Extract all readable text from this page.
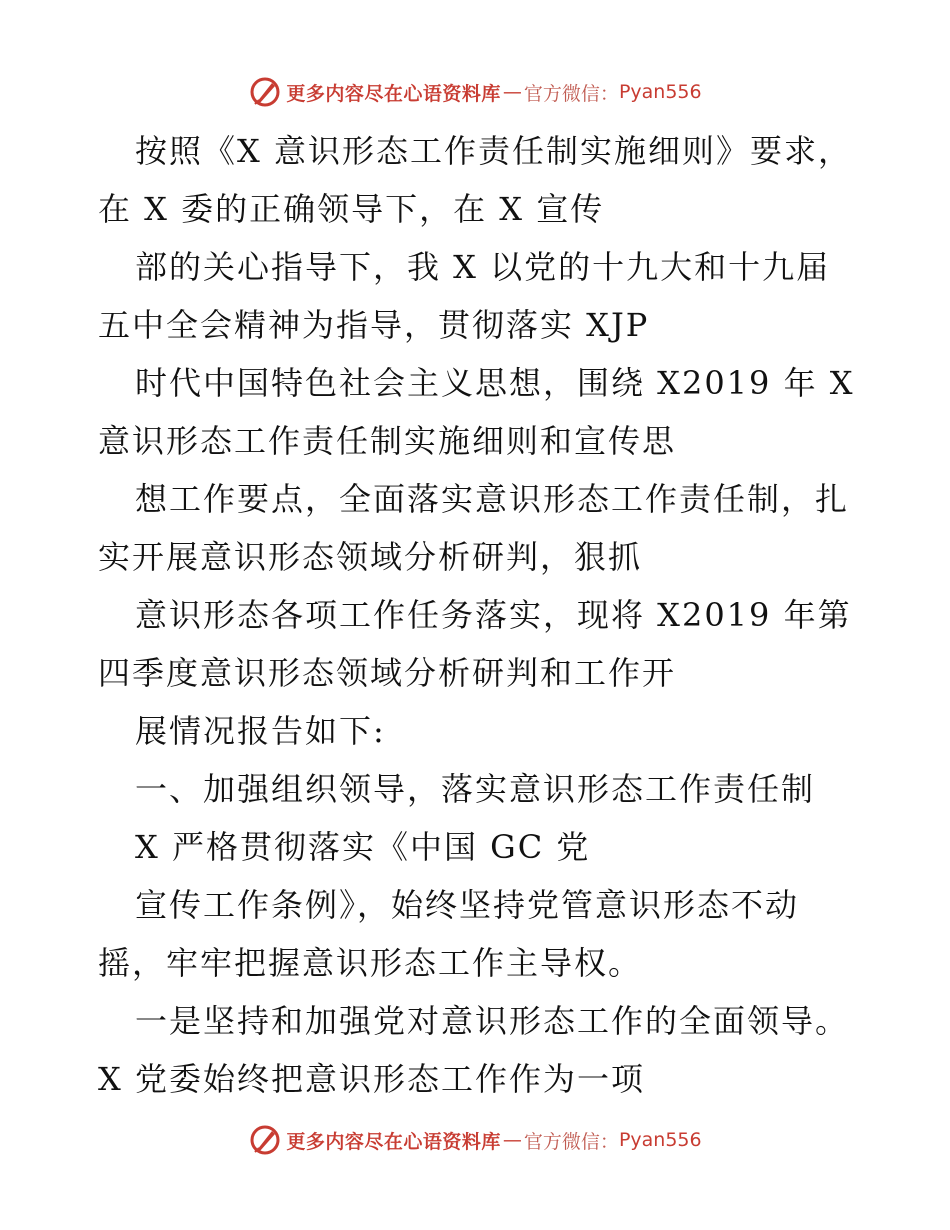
更多内容尽在心语资料库 — 官方微信： Pyan556
按照《X 意识形态工作责任制实施细则》要求，
在 X 委的正确领导下，在 X 宣传
部的关心指导下，我 X 以党的十九大和十九届
五中全会精神为指导，贯彻落实 XJP
时代中国特色社会主义思想，围绕 X2019 年 X
意识形态工作责任制实施细则和宣传思
想工作要点，全面落实意识形态工作责任制，扎
实开展意识形态领域分析研判，狠抓
意识形态各项工作任务落实，现将 X2019 年第
四季度意识形态领域分析研判和工作开
展情况报告如下:
一、加强组织领导，落实意识形态工作责任制
X 严格贯彻落实《中国 GC 党
宣传工作条例》，始终坚持党管意识形态不动
摇，牢牢把握意识形态工作主导权。
一是坚持和加强党对意识形态工作的全面领导。
X 党委始终把意识形态工作作为一项
更多内容尽在心语资料库 — 官方微信： Pyan556
